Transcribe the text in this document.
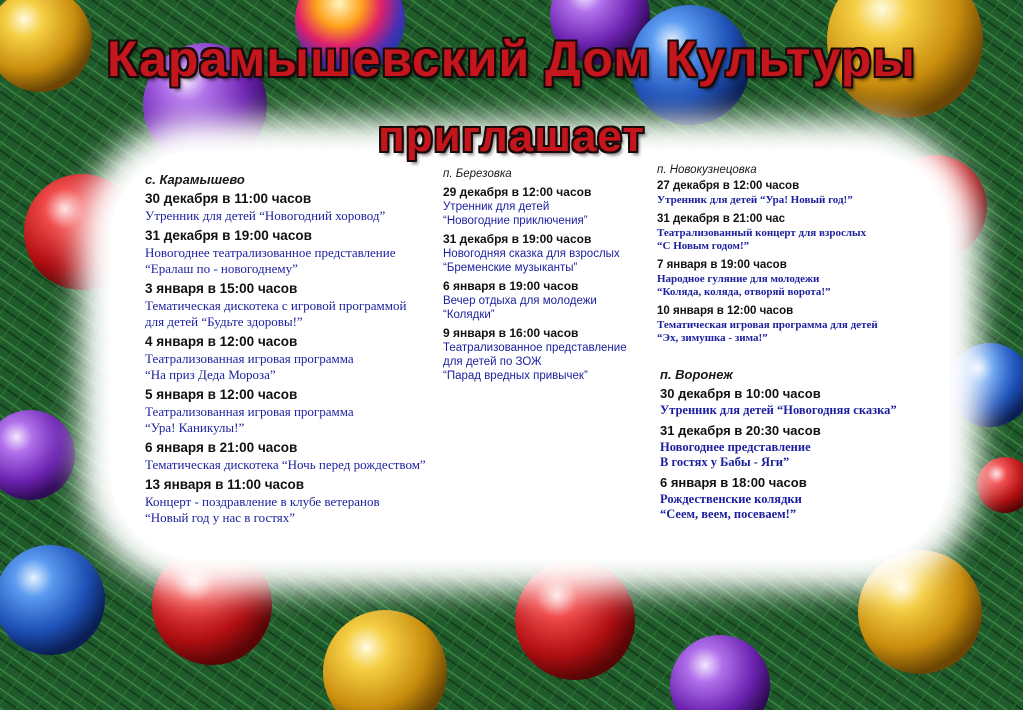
Карамышевский Дом Культуры
приглашает
с. Карамышево
30 декабря в 11:00 часов
Утренник для детей “Новогодний хоровод”
31 декабря в 19:00 часов
Новогоднее театрализованное представление
“Ералаш по - новогоднему”
3 января в 15:00 часов
Тематическая дискотека с игровой программой
для детей “Будьте здоровы!”
4 января в 12:00 часов
Театрализованная игровая программа
“На приз Деда Мороза”
5 января в 12:00 часов
Театрализованная игровая программа
“Ура! Каникулы!”
6 января в 21:00 часов
Тематическая дискотека “Ночь перед рождеством”
13 января в 11:00 часов
Концерт - поздравление в клубе ветеранов
“Новый год у нас в гостях”
п. Березовка
29 декабря в 12:00 часов
Утренник для детей
“Новогодние приключения”
31 декабря в 19:00 часов
Новогодняя сказка для взрослых
“Бременские музыканты”
6 января в 19:00 часов
Вечер отдыха для молодежи
“Колядки”
9 января в 16:00 часов
Театрализованное представление
для детей по ЗОЖ
“Парад вредных привычек”
п. Новокузнецовка
27 декабря в 12:00 часов
Утренник для детей “Ура! Новый год!”
31 декабря в 21:00 час
Театрализованный концерт для взрослых
“С Новым годом!”
7 января в 19:00 часов
Народное гуляние для молодежи
“Коляда, коляда, отворяй ворота!”
10 января в 12:00 часов
Тематическая игровая программа для детей
“Эх, зимушка - зима!”
п. Воронеж
30 декабря в 10:00 часов
Утренник для детей “Новогодняя сказка”
31 декабря в 20:30 часов
Новогоднее представление
В гостях у Бабы - Яги”
6 января в 18:00 часов
Рождественские колядки
“Сеем, веем, посеваем!”
